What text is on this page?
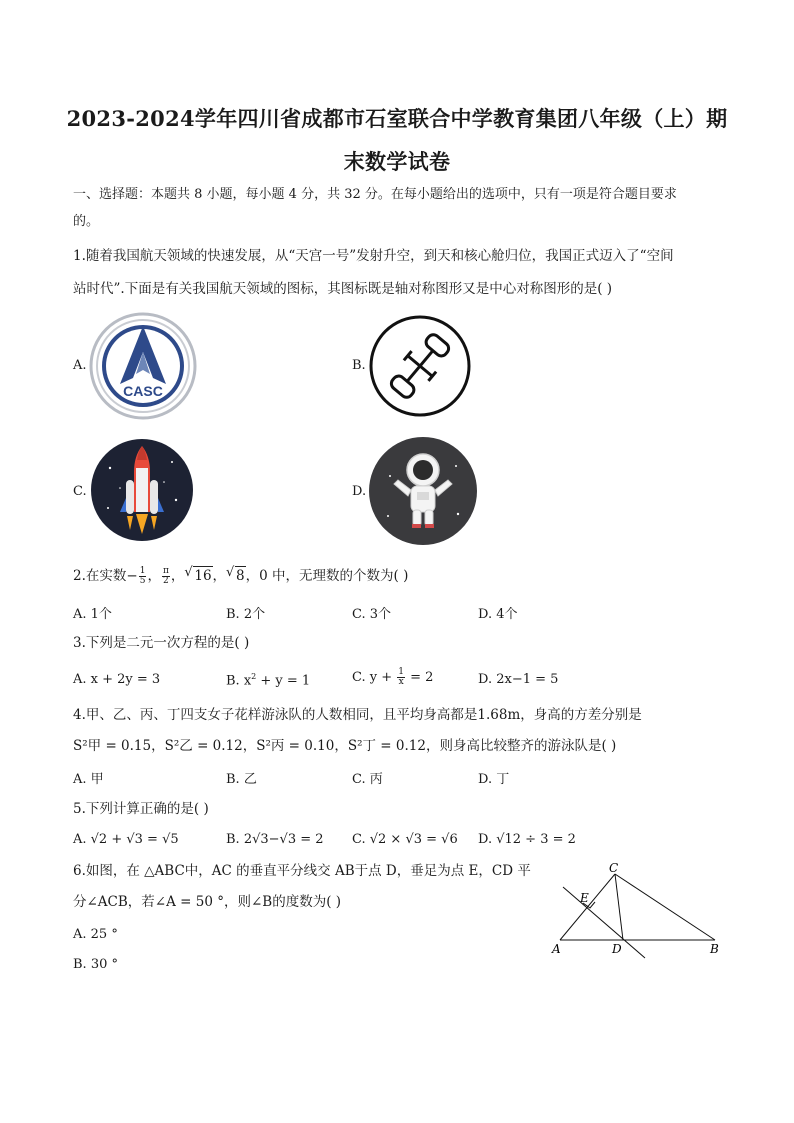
2023-2024学年四川省成都市石室联合中学教育集团八年级（上）期
末数学试卷
一、选择题：本题共 8 小题，每小题 4 分，共 32 分。在每小题给出的选项中，只有一项是符合题目要求
的。
1.随着我国航天领域的快速发展，从“天宫一号”发射升空，到天和核心舱归位，我国正式迈入了“空间
站时代”.下面是有关我国航天领域的图标，其图标既是轴对称图形又是中心对称图形的是( )
A.
CASC
B.
C.	D.
2.在实数− $\frac{1}{5}$ ， $\frac{\pi}{2}$ ， √ 16， √ 8，0 中，无理数的个数为( )
A. 1个	B. 2个	C. 3个	D. 4个
3.下列是二元一次方程的是( )
A. x + 2y = 3	B. $x^2 + y = 1$	C. $y + \frac{1}{x} = 2$	D. 2x−1 = 5
4.甲、乙、丙、丁四支女子花样游泳队的人数相同，且平均身高都是1.68m，身高的方差分别是
S²甲 = 0.15，S²乙 = 0.12，S²丙 = 0.10，S²丁 = 0.12，则身高比较整齐的游泳队是( )
A. 甲	B. 乙	C. 丙	D. 丁
5.下列计算正确的是( )
A. √2 + √3 = √5	B. 2√3−√3 = 2 C. √2 × √3 = √6 D. √12 ÷ 3 = 2
6.如图，在 △ABC中，AC 的垂直平分线交 AB于点 D，垂足为点 E，CD 平
分∠ACB，若∠A = 50 °，则∠B的度数为( )
A. 25 °
B. 30 °
C
E
A	D	B
